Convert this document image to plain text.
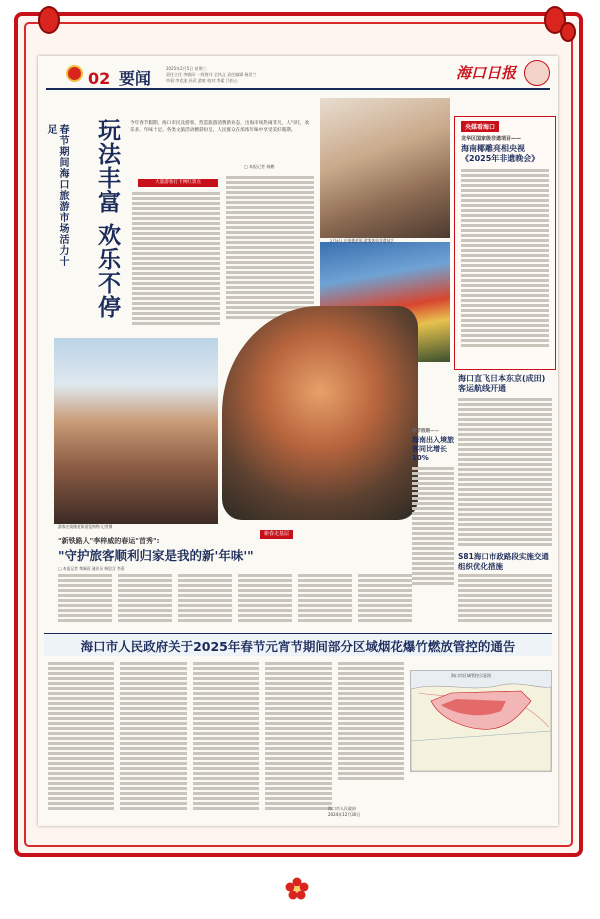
02 要闻
2025年2月5日 星期三
责任主任 李敏同 一线签刊 全执文 责任编辑 杨崇兰
审看:李克池 孙武 游旅 校对:李素 吕松心	海口日报
春节期间海口旅游市场活力十足	玩法丰富 欢乐不停 今年春节假期，海口市民及游客，营造旅游消费新业态，出海市场热闹非凡，人气旺，欢乐多，年味十足。各类文旅活动精彩纷呈，人民群众在浓浓年味中享受美好假期。
□ 本报记者 杨鹏
大量游客打卡网红景点
2月4日,在骑楼老街,游客体验非遗技艺
游客在骑楼老街游览购物 记者摄
春节假期——
海南出入境旅客同比增长10%
央媒看海口
龙华区国家级非遗项目——
海南椰雕亮相央视《2025年非遗晚会》
海口直飞日本东京(成田)客运航线开通
S81海口市政路段实施交通组织优化措施
新春走基层
"新铁路人"李梓威的春运"首秀":
"守护旅客顺利归家是我的新'年味'"
□ 本报记者 黎佩蓉 通讯员 韩思含 李嘉
海口市人民政府关于2025年春节元宵节期间部分区域烟花爆竹燃放管控的通告
海口市区域管控示意图
海口市人民政府
2024年12月30日
